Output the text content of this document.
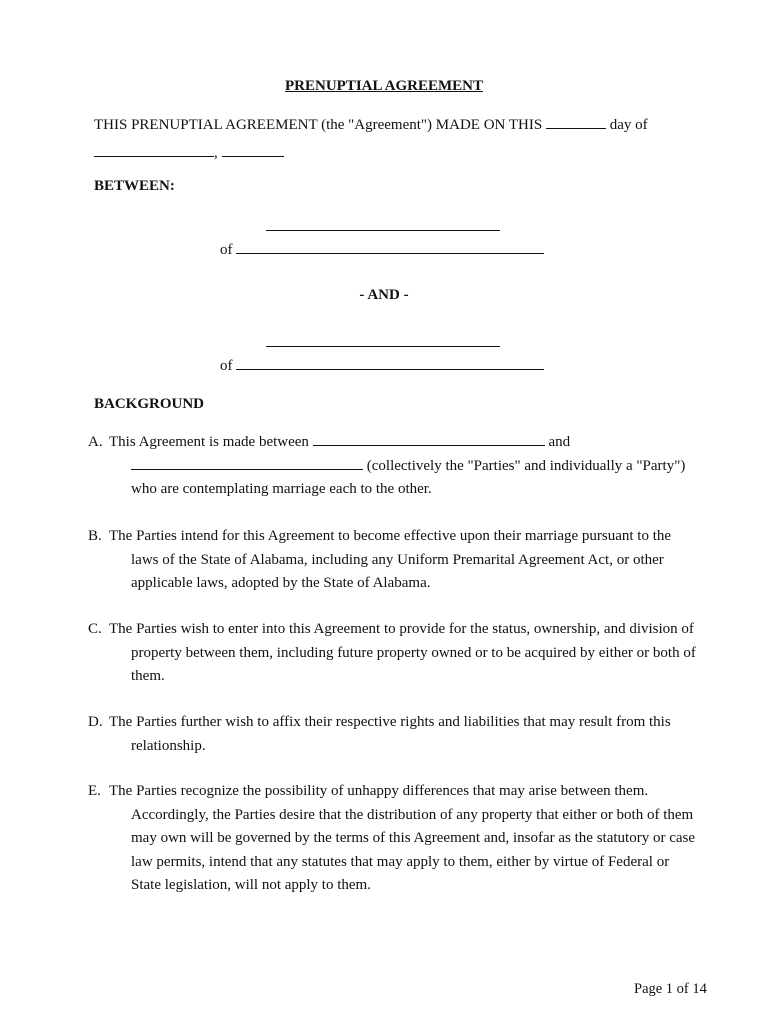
PRENUPTIAL AGREEMENT
THIS PRENUPTIAL AGREEMENT (the "Agreement") MADE ON THIS	day of
,
BETWEEN:
of
- AND -
of
BACKGROUND
A. This Agreement is made between	and  (collectively the "Parties" and individually a "Party") who are contemplating marriage each to the other.
B. The Parties intend for this Agreement to become effective upon their marriage pursuant to the laws of the State of Alabama, including any Uniform Premarital Agreement Act, or other applicable laws, adopted by the State of Alabama.
C. The Parties wish to enter into this Agreement to provide for the status, ownership, and division of property between them, including future property owned or to be acquired by either or both of them.
D. The Parties further wish to affix their respective rights and liabilities that may result from this relationship.
E. The Parties recognize the possibility of unhappy differences that may arise between them. Accordingly, the Parties desire that the distribution of any property that either or both of them may own will be governed by the terms of this Agreement and, insofar as the statutory or case law permits, intend that any statutes that may apply to them, either by virtue of Federal or State legislation, will not apply to them.
Page 1 of 14
